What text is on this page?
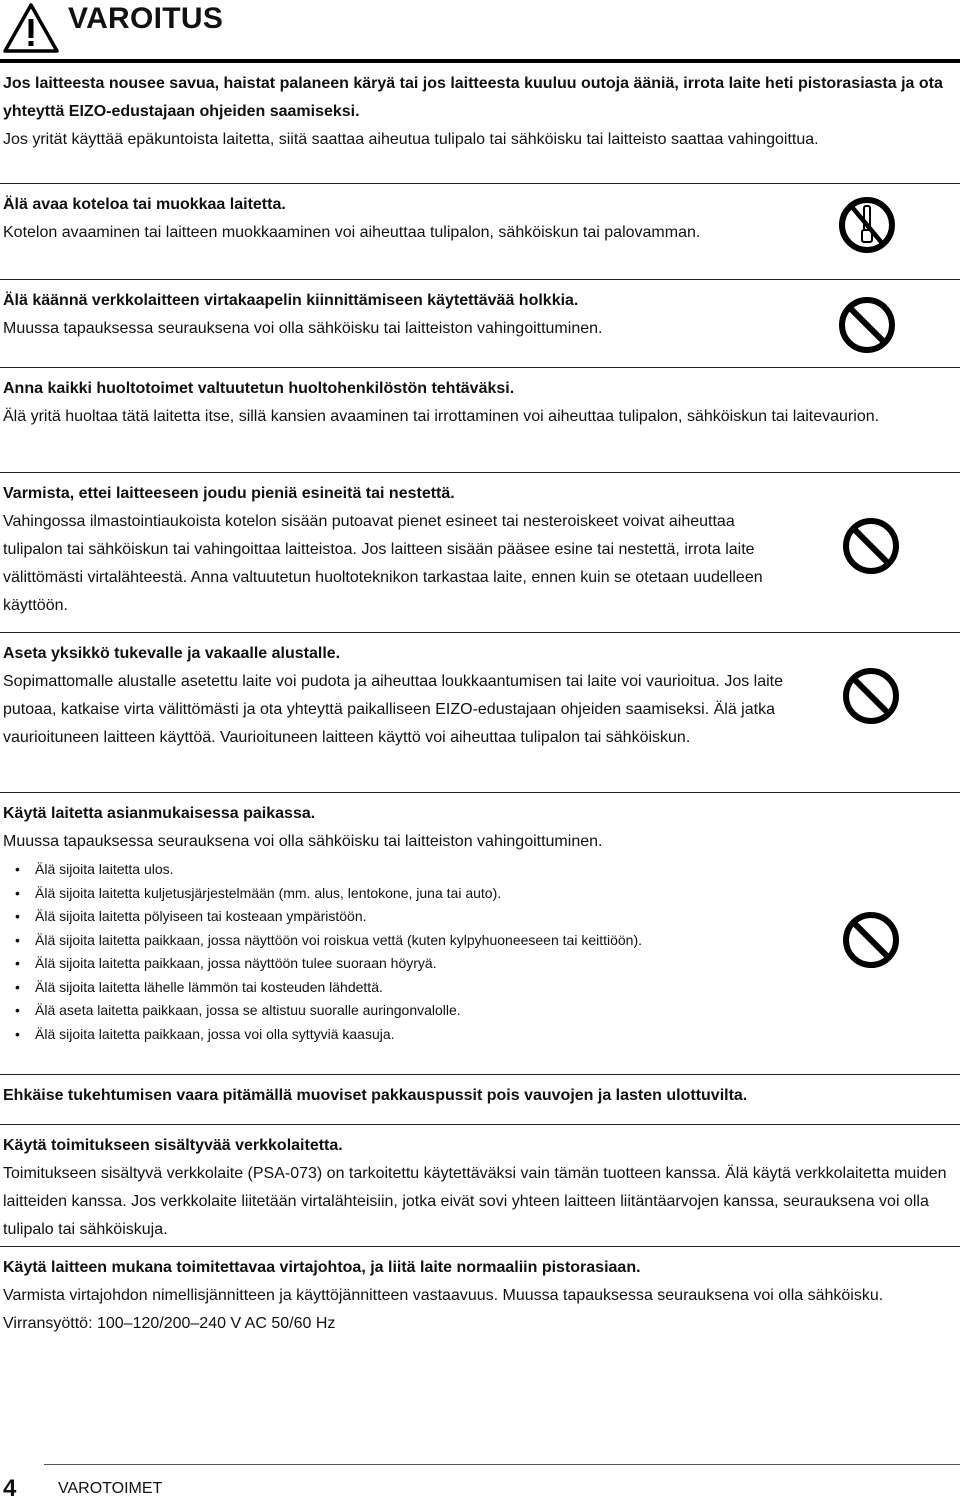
VAROITUS

Jos laitteesta nousee savua, haistat palaneen käryä tai jos laitteesta kuuluu outoja ääniä, irrota laite heti pistorasiasta ja ota yhteyttä EIZO-edustajaan ohjeiden saamiseksi.

Jos yrität käyttää epäkuntoista laitetta, siitä saattaa aiheutua tulipalo tai sähköisku tai laitteisto saattaa vahingoittua.

Älä avaa koteloa tai muokkaa laitetta.

Kotelon avaaminen tai laitteen muokkaaminen voi aiheuttaa tulipalon, sähköiskun tai palovamman.

Älä käännä verkkolaitteen virtakaapelin kiinnittämiseen käytettävää holkkia.

Muussa tapauksessa seurauksena voi olla sähköisku tai laitteiston vahingoittuminen.

Anna kaikki huoltotoimet valtuutetun huoltohenkilöstön tehtäväksi.

Älä yritä huoltaa tätä laitetta itse, sillä kansien avaaminen tai irrottaminen voi aiheuttaa tulipalon, sähköiskun tai laitevaurion.

Varmista, ettei laitteeseen joudu pieniä esineitä tai nestettä.

Vahingossa ilmastointiaukoista kotelon sisään putoavat pienet esineet tai nesteroiskeet voivat aiheuttaa tulipalon tai sähköiskun tai vahingoittaa laitteistoa. Jos laitteen sisään pääsee esine tai nestettä, irrota laite välittömästi virtalähteestä. Anna valtuutetun huoltoteknikon tarkastaa laite, ennen kuin se otetaan uudelleen käyttöön.

Aseta yksikkö tukevalle ja vakaalle alustalle.

Sopimattomalle alustalle asetettu laite voi pudota ja aiheuttaa loukkaantumisen tai laite voi vaurioitua. Jos laite putoaa, katkaise virta välittömästi ja ota yhteyttä paikalliseen EIZO-edustajaan ohjeiden saamiseksi. Älä jatka vaurioituneen laitteen käyttöä. Vaurioituneen laitteen käyttö voi aiheuttaa tulipalon tai sähköiskun.

Käytä laitetta asianmukaisessa paikassa.

Muussa tapauksessa seurauksena voi olla sähköisku tai laitteiston vahingoittuminen.

• Älä sijoita laitetta ulos.
• Älä sijoita laitetta kuljetusjärjestelmään (mm. alus, lentokone, juna tai auto).
• Älä sijoita laitetta pölyiseen tai kosteaan ympäristöön.
• Älä sijoita laitetta paikkaan, jossa näyttöön voi roiskua vettä (kuten kylpyhuoneeseen tai keittiöön).
• Älä sijoita laitetta paikkaan, jossa näyttöön tulee suoraan höyryä.
• Älä sijoita laitetta lähelle lämmön tai kosteuden lähdettä.
• Älä aseta laitetta paikkaan, jossa se altistuu suoralle auringonvalolle.
• Älä sijoita laitetta paikkaan, jossa voi olla syttyviä kaasuja.

Ehkäise tukehtumisen vaara pitämällä muoviset pakkauspussit pois vauvojen ja lasten ulottuvilta.

Käytä toimitukseen sisältyvää verkkolaitetta.

Toimitukseen sisältyvä verkkolaite (PSA-073) on tarkoitettu käytettäväksi vain tämän tuotteen kanssa. Älä käytä verkkolaitetta muiden laitteiden kanssa. Jos verkkolaite liitetään virtalähteisiin, jotka eivät sovi yhteen laitteen liitäntäarvojen kanssa, seurauksena voi olla tulipalo tai sähköiskuja.

Käytä laitteen mukana toimitettavaa virtajohtoa, ja liitä laite normaaliin pistorasiaan.

Varmista virtajohdon nimellisjännitteen ja käyttöjännitteen vastaavuus. Muussa tapauksessa seurauksena voi olla sähköisku.

Virransyöttö: 100–120/200–240 V AC 50/60 Hz

4	VAROTOIMET
